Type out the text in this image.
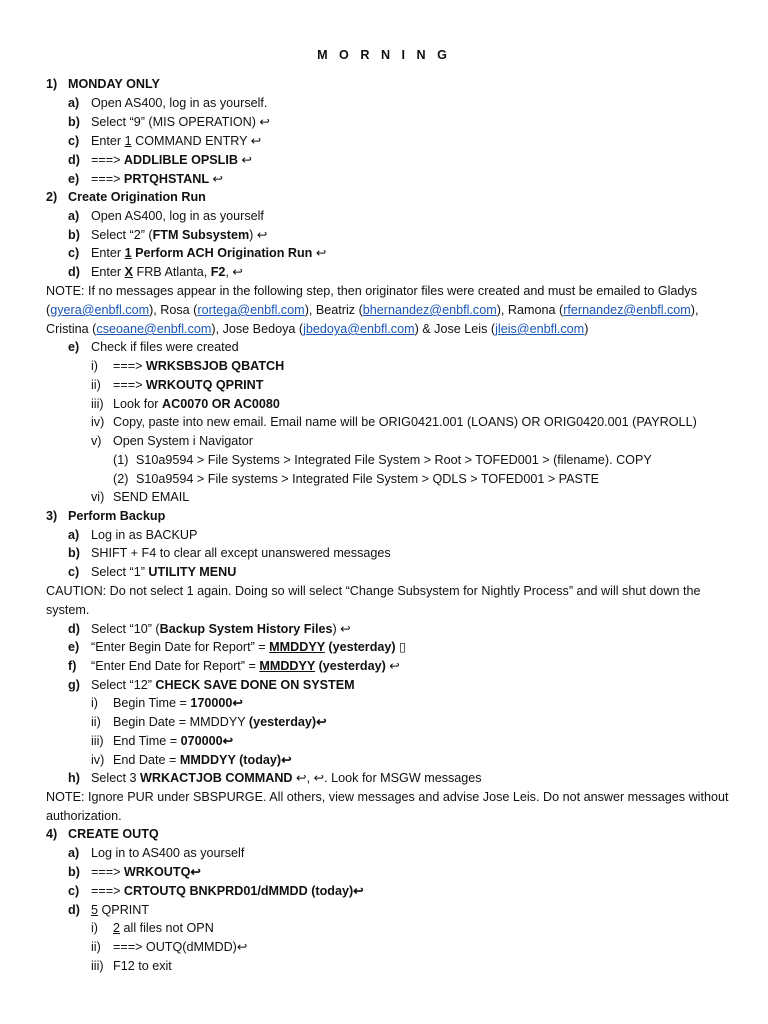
M O R N I N G
1) MONDAY ONLY
a) Open AS400, log in as yourself.
b) Select “9” (MIS OPERATION) ↩
c) Enter 1 COMMAND ENTRY ↩
d) ===> ADDLIBLE OPSLIB ↩
e) ===> PRTQHSTANL ↩
2) Create Origination Run
a) Open AS400, log in as yourself
b) Select “2” (FTM Subsystem) ↩
c) Enter 1 Perform ACH Origination Run ↩
d) Enter X FRB Atlanta, F2, ↩
NOTE: If no messages appear in the following step, then originator files were created and must be emailed to Gladys
(gyera@enbfl.com), Rosa (rortega@enbfl.com), Beatriz (bhernandez@enbfl.com), Ramona (rfernandez@enbfl.com),
Cristina (cseoane@enbfl.com), Jose Bedoya (jbedoya@enbfl.com) & Jose Leis (jleis@enbfl.com)
e) Check if files were created
i) ===> WRKSBSJOB QBATCH
ii) ===> WRKOUTQ QPRINT
iii) Look for AC0070 OR AC0080
iv) Copy, paste into new email. Email name will be ORIG0421.001 (LOANS) OR ORIG0420.001 (PAYROLL)
v) Open System i Navigator
(1) S10a9594 > File Systems > Integrated File System > Root > TOFED001 > (filename). COPY
(2) S10a9594 > File systems > Integrated File System > QDLS > TOFED001 > PASTE
vi) SEND EMAIL
3) Perform Backup
a) Log in as BACKUP
b) SHIFT + F4 to clear all except unanswered messages
c) Select “1” UTILITY MENU
CAUTION: Do not select 1 again. Doing so will select “Change Subsystem for Nightly Process” and will shut down the
system.
d) Select “10” (Backup System History Files) ↩
e) “Enter Begin Date for Report” = MMDDYY (yesterday) ▯
f) “Enter End Date for Report” = MMDDYY (yesterday) ↩
g) Select “12” CHECK SAVE DONE ON SYSTEM
i) Begin Time = 170000↩
ii) Begin Date = MMDDYY (yesterday)↩
iii) End Time = 070000↩
iv) End Date = MMDDYY (today)↩
h) Select 3 WRKACTJOB COMMAND ↩, ↩. Look for MSGW messages
NOTE: Ignore PUR under SBSPURGE. All others, view messages and advise Jose Leis. Do not answer messages without
authorization.
4) CREATE OUTQ
a) Log in to AS400 as yourself
b) ===> WRKOUTQ↩
c) ===> CRTOUTQ BNKPRD01/dMMDD (today)↩
d) 5 QPRINT
i) 2 all files not OPN
ii) ===> OUTQ(dMMDD)↩
iii) F12 to exit
